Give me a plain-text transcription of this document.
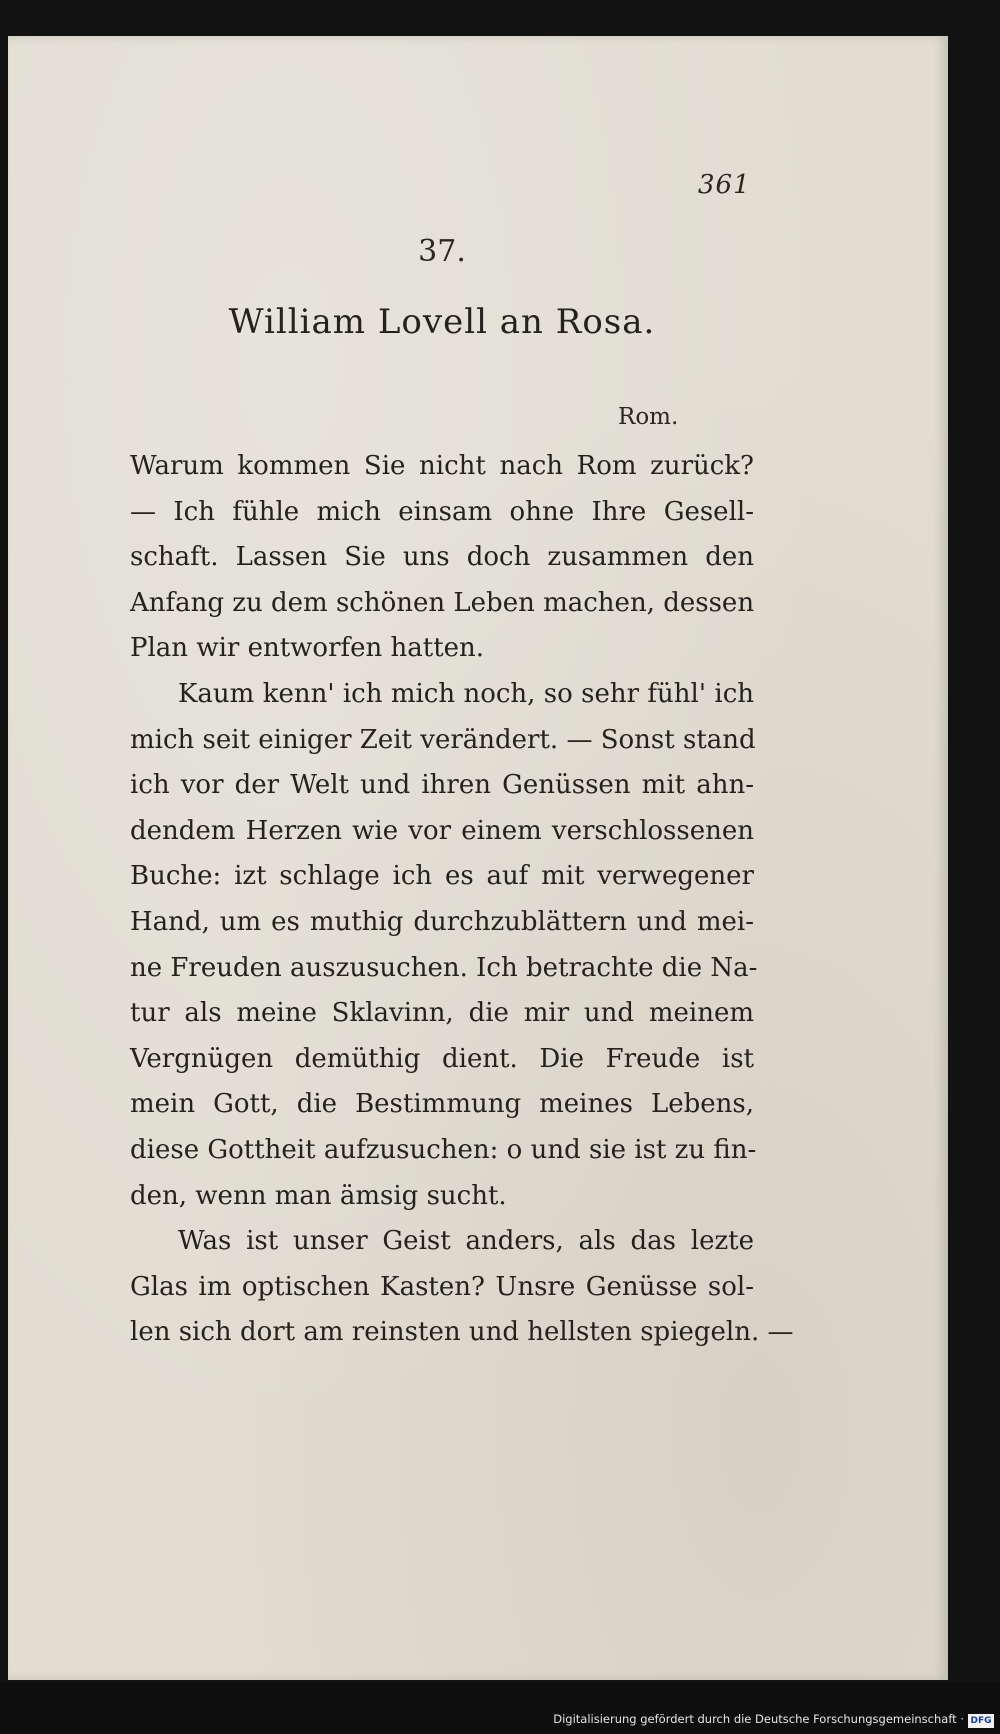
361
37.
William Lovell an Rosa.
Rom.
Warum kommen Sie nicht nach Rom zurück?
— Ich fühle mich einsam ohne Ihre Gesell-
schaft. Lassen Sie uns doch zusammen den
Anfang zu dem schönen Leben machen, dessen
Plan wir entworfen hatten.
Kaum kenn' ich mich noch, so sehr fühl' ich
mich seit einiger Zeit verändert. — Sonst stand
ich vor der Welt und ihren Genüssen mit ahn-
dendem Herzen wie vor einem verschlossenen
Buche: izt schlage ich es auf mit verwegener
Hand, um es muthig durchzublättern und mei-
ne Freuden auszusuchen. Ich betrachte die Na-
tur als meine Sklavinn, die mir und meinem
Vergnügen demüthig dient. Die Freude ist
mein Gott, die Bestimmung meines Lebens,
diese Gottheit aufzusuchen: o und sie ist zu fin-
den, wenn man ämsig sucht.
Was ist unser Geist anders, als das lezte
Glas im optischen Kasten? Unsre Genüsse sol-
len sich dort am reinsten und hellsten spiegeln. —
Digitalisierung gefördert durch die Deutsche Forschungsgemeinschaft · DFG
